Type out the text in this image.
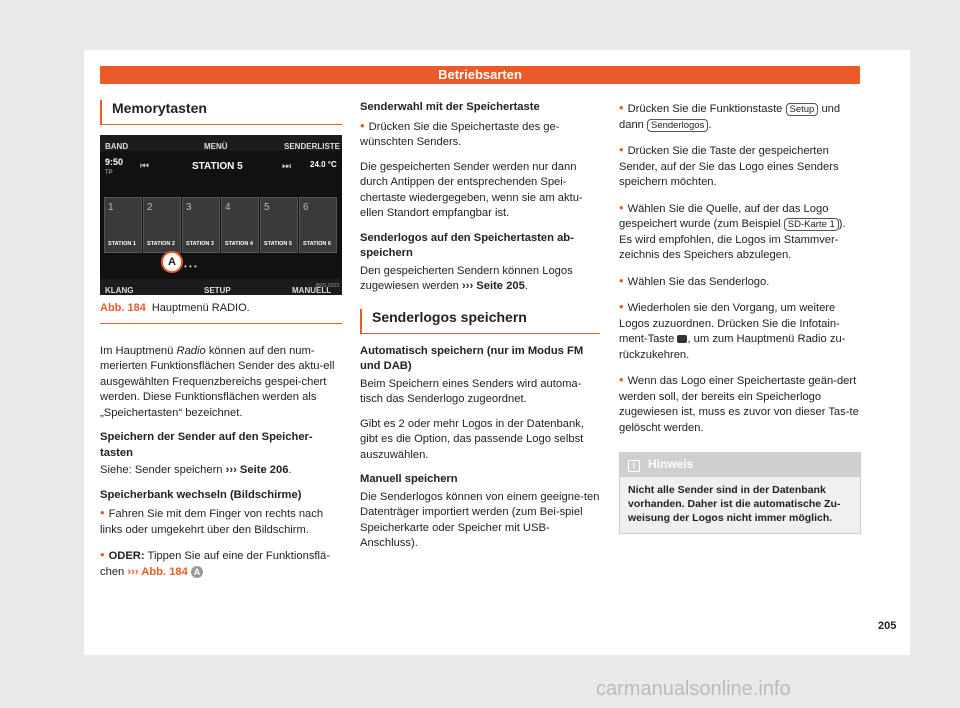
Betriebsarten
Memorytasten
BAND	MENÜ	SENDERLISTE
9:50
TP
⏮	STATION 5	⏭ 24.0 °C
1	2	3	4	5	6
STATION 1	STATION 2	STATION 3	STATION 4	STATION 5	STATION 6
• • •
A
KLANG	SETUP	MANUELL
BRS-0153
Abb. 184 Hauptmenü RADIO.

Im Hauptmenü Radio können auf den num-merierten Funktionsflächen Sender des aktu-ell ausgewählten Frequenzbereichs gespei-chert werden. Diese Funktionsflächen werden als „Speichertasten“ bezeichnet.

Speichern der Sender auf den Speicher-tasten

Siehe: Sender speichern ››› Seite 206.

Speicherbank wechseln (Bildschirme)

• Fahren Sie mit dem Finger von rechts nach links oder umgekehrt über den Bildschirm.

• ODER: Tippen Sie auf eine der Funktionsflä-chen ››› Abb. 184 A

Senderwahl mit der Speichertaste

• Drücken Sie die Speichertaste des ge-wünschten Senders.

Die gespeicherten Sender werden nur dann durch Antippen der entsprechenden Spei-chertaste wiedergegeben, wenn sie am aktu-ellen Standort empfangbar ist.

Senderlogos auf den Speichertasten ab-speichern

Den gespeicherten Sendern können Logos zugewiesen werden ››› Seite 205.

Senderlogos speichern

Automatisch speichern (nur im Modus FM und DAB)

Beim Speichern eines Senders wird automa-tisch das Senderlogo zugeordnet.

Gibt es 2 oder mehr Logos in der Datenbank, gibt es die Option, das passende Logo selbst auszuwählen.

Manuell speichern

Die Senderlogos können von einem geeigne-ten Datenträger importiert werden (zum Bei-spiel Speicherkarte oder Speicher mit USB-Anschluss).

• Drücken Sie die Funktionstaste Setup und dann Senderlogos .

• Drücken Sie die Taste der gespeicherten Sender, auf der Sie das Logo eines Senders speichern möchten.

• Wählen Sie die Quelle, auf der das Logo gespeichert wurde (zum Beispiel SD-Karte 1 ). Es wird empfohlen, die Logos im Stammver-zeichnis des Speichers abzulegen.

• Wählen Sie das Senderlogo.

• Wiederholen sie den Vorgang, um weitere Logos zuzuordnen. Drücken Sie die Infotain-ment-Taste , um zum Hauptmenü Radio zu-rückzukehren.

• Wenn das Logo einer Speichertaste geän-dert werden soll, der bereits ein Speicherlogo zugewiesen ist, muss es zuvor von dieser Tas-te gelöscht werden.

i Hinweis
Nicht alle Sender sind in der Datenbank vorhanden. Daher ist die automatische Zu-weisung der Logos nicht immer möglich.
205
carmanualsonline.info
